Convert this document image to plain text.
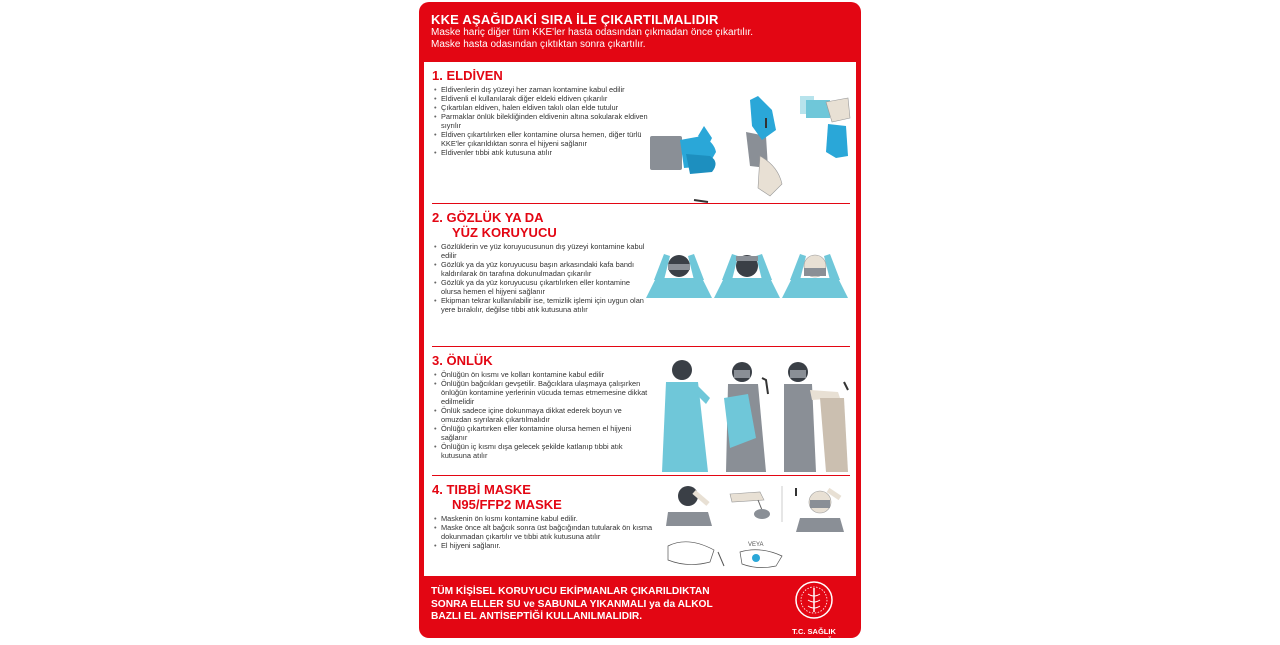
KKE AŞAĞIDAKİ SIRA İLE ÇIKARTILMALIDIR
Maske hariç diğer tüm KKE'ler hasta odasından çıkmadan önce çıkartılır.
Maske hasta odasından çıktıktan sonra çıkartılır.
1. ELDİVEN
• Eldivenlerin dış yüzeyi her zaman kontamine kabul edilir
• Eldivenli el kullanılarak diğer eldeki eldiven çıkarılır
• Çıkartılan eldiven, halen eldiven takılı olan elde tutulur
• Parmaklar önlük bilekliğinden eldivenin altına sokularak eldiven sıyrılır
• Eldiven çıkartılırken eller kontamine olursa hemen, diğer türlü KKE'ler çıkarıldıktan sonra el hijyeni sağlanır
• Eldivenler tıbbi atık kutusuna atılır
2. GÖZLÜK YA DA
YÜZ KORUYUCU
• Gözlüklerin ve yüz koruyucusunun dış yüzeyi kontamine kabul edilir
• Gözlük ya da yüz koruyucusu başın arkasındaki kafa bandı kaldırılarak ön tarafına dokunulmadan çıkarılır
• Gözlük ya da yüz koruyucusu çıkartılırken eller kontamine olursa hemen el hijyeni sağlanır
• Ekipman tekrar kullanılabilir ise, temizlik işlemi için uygun olan yere bırakılır, değilse tıbbi atık kutusuna atılır
3. ÖNLÜK
• Önlüğün ön kısmı ve kolları kontamine kabul edilir
• Önlüğün bağcıkları gevşetilir. Bağcıklara ulaşmaya çalışırken önlüğün kontamine yerlerinin vücuda temas etmemesine dikkat edilmelidir
• Önlük sadece içine dokunmaya dikkat ederek boyun ve omuzdan sıyrılarak çıkartılmalıdır
• Önlüğü çıkartırken eller kontamine olursa hemen el hijyeni sağlanır
• Önlüğün iç kısmı dışa gelecek şekilde katlanıp tıbbi atık kutusuna atılır
4. TIBBİ MASKE
N95/FFP2 MASKE
• Maskenin ön kısmı kontamine kabul edilir.
• Maske önce alt bağcık sonra üst bağcığından tutularak ön kısma dokunmadan çıkartılır ve tıbbi atık kutusuna atılır
• El hijyeni sağlanır.	VEYA
TÜM KİŞİSEL KORUYUCU EKİPMANLAR ÇIKARILDIKTAN
SONRA ELLER SU ve SABUNLA YIKANMALI ya da ALKOL
BAZLI EL ANTİSEPTİĞİ KULLANILMALIDIR.
T.C. SAĞLIK BAKANLIĞI
